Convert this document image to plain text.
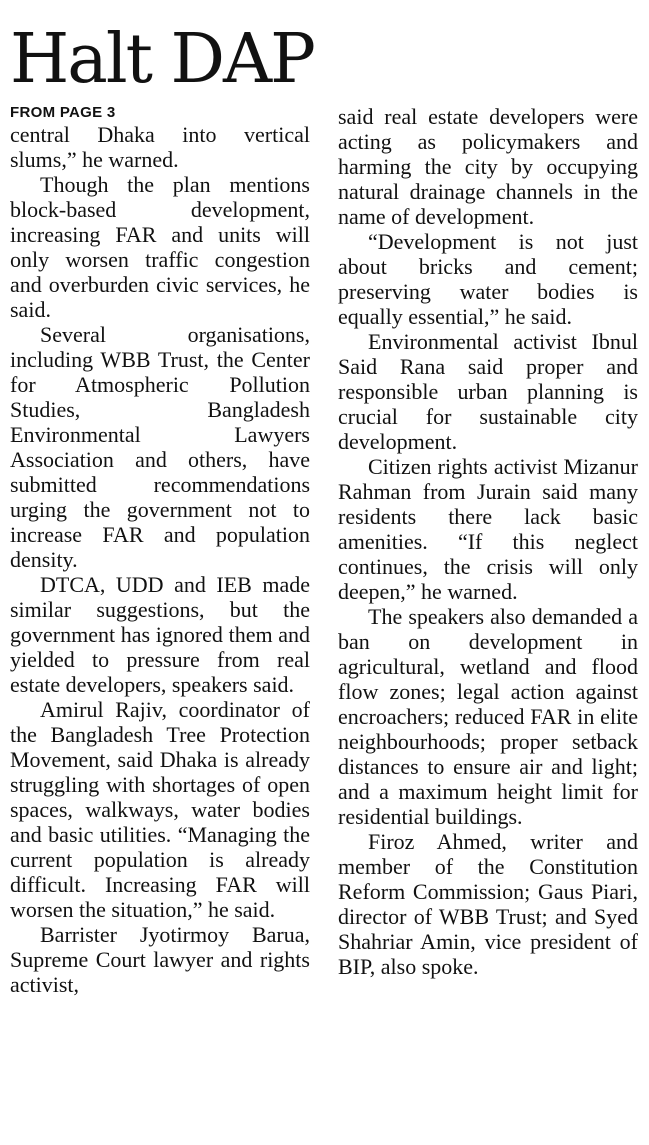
Halt DAP
FROM PAGE 3

central Dhaka into vertical slums,” he warned.

Though the plan mentions block-based development, increasing FAR and units will only worsen traffic congestion and overburden civic services, he said.

Several organisations, including WBB Trust, the Center for Atmospheric Pollution Studies, Bangladesh Environmental Lawyers Association and others, have submitted recommendations urging the government not to increase FAR and population density.

DTCA, UDD and IEB made similar suggestions, but the government has ignored them and yielded to pressure from real estate developers, speakers said.

Amirul Rajiv, coordinator of the Bangladesh Tree Protection Movement, said Dhaka is already struggling with shortages of open spaces, walkways, water bodies and basic utilities. “Managing the current population is already difficult. Increasing FAR will worsen the situation,” he said.

Barrister Jyotirmoy Barua, Supreme Court lawyer and rights activist,

said real estate developers were acting as policymakers and harming the city by occupying natural drainage channels in the name of development.

“Development is not just about bricks and cement; preserving water bodies is equally essential,” he said.

Environmental activist Ibnul Said Rana said proper and responsible urban planning is crucial for sustainable city development.

Citizen rights activist Mizanur Rahman from Jurain said many residents there lack basic amenities. “If this neglect continues, the crisis will only deepen,” he warned.

The speakers also demanded a ban on development in agricultural, wetland and flood flow zones; legal action against encroachers; reduced FAR in elite neighbourhoods; proper setback distances to ensure air and light; and a maximum height limit for residential buildings.

Firoz Ahmed, writer and member of the Constitution Reform Commission; Gaus Piari, director of WBB Trust; and Syed Shahriar Amin, vice president of BIP, also spoke.
